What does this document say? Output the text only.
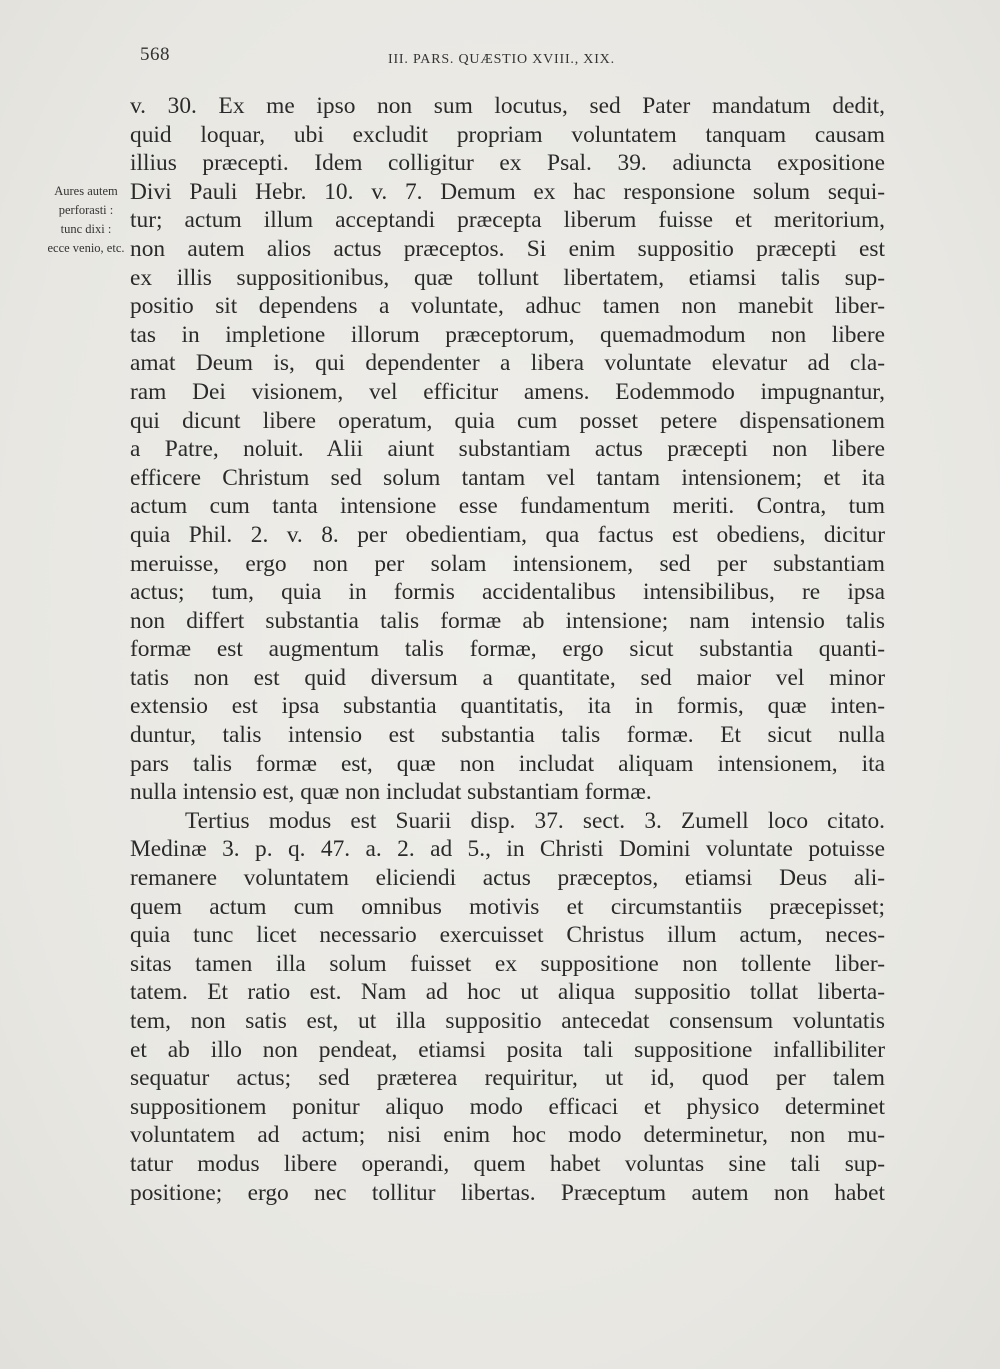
568	III. PARS. QUÆSTIO XVIII., XIX.
Aures autem
perforasti :
tunc dixi :
ecce venio, etc.
v. 30. Ex me ipso non sum locutus, sed Pater mandatum dedit,
quid loquar, ubi excludit propriam voluntatem tanquam causam
illius præcepti. Idem colligitur ex Psal. 39. adiuncta expositione
Divi Pauli Hebr. 10. v. 7. Demum ex hac responsione solum sequi-
tur; actum illum acceptandi præcepta liberum fuisse et meritorium,
non autem alios actus præceptos. Si enim suppositio præcepti est
ex illis suppositionibus, quæ tollunt libertatem, etiamsi talis sup-
positio sit dependens a voluntate, adhuc tamen non manebit liber-
tas in impletione illorum præceptorum, quemadmodum non libere
amat Deum is, qui dependenter a libera voluntate elevatur ad cla-
ram Dei visionem, vel efficitur amens. Eodemmodo impugnantur,
qui dicunt libere operatum, quia cum posset petere dispensationem
a Patre, noluit. Alii aiunt substantiam actus præcepti non libere
efficere Christum sed solum tantam vel tantam intensionem; et ita
actum cum tanta intensione esse fundamentum meriti. Contra, tum
quia Phil. 2. v. 8. per obedientiam, qua factus est obediens, dicitur
meruisse, ergo non per solam intensionem, sed per substantiam
actus; tum, quia in formis accidentalibus intensibilibus, re ipsa
non differt substantia talis formæ ab intensione; nam intensio talis
formæ est augmentum talis formæ, ergo sicut substantia quanti-
tatis non est quid diversum a quantitate, sed maior vel minor
extensio est ipsa substantia quantitatis, ita in formis, quæ inten-
duntur, talis intensio est substantia talis formæ. Et sicut nulla
pars talis formæ est, quæ non includat aliquam intensionem, ita
nulla intensio est, quæ non includat substantiam formæ.
Tertius modus est Suarii disp. 37. sect. 3. Zumell loco citato.
Medinæ 3. p. q. 47. a. 2. ad 5., in Christi Domini voluntate potuisse
remanere voluntatem eliciendi actus præceptos, etiamsi Deus ali-
quem actum cum omnibus motivis et circumstantiis præcepisset;
quia tunc licet necessario exercuisset Christus illum actum, neces-
sitas tamen illa solum fuisset ex suppositione non tollente liber-
tatem. Et ratio est. Nam ad hoc ut aliqua suppositio tollat liberta-
tem, non satis est, ut illa suppositio antecedat consensum voluntatis
et ab illo non pendeat, etiamsi posita tali suppositione infallibiliter
sequatur actus; sed præterea requiritur, ut id, quod per talem
suppositionem ponitur aliquo modo efficaci et physico determinet
voluntatem ad actum; nisi enim hoc modo determinetur, non mu-
tatur modus libere operandi, quem habet voluntas sine tali sup-
positione; ergo nec tollitur libertas. Præceptum autem non habet
